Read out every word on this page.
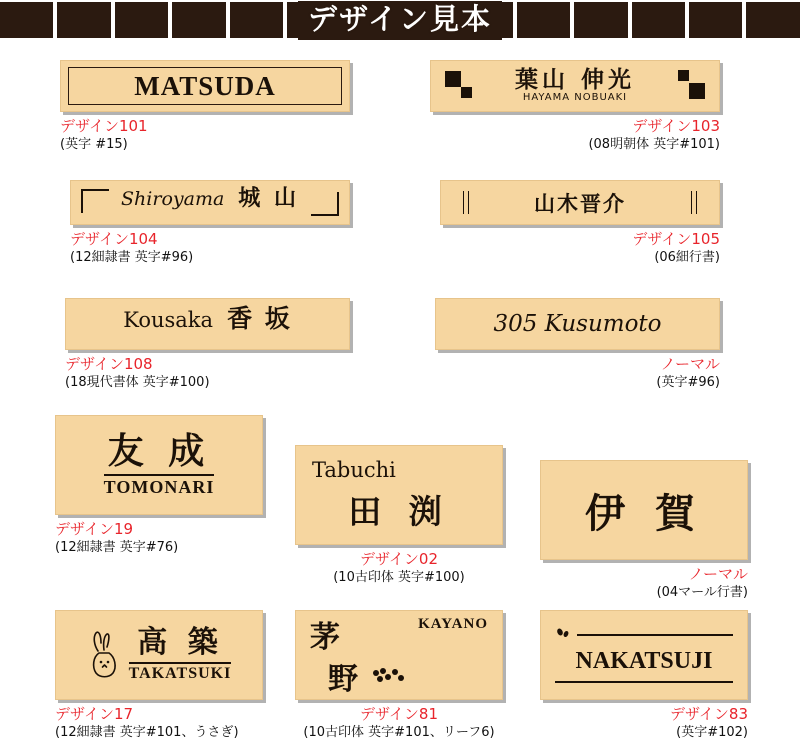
デザイン見本
MATSUDA
デザイン101
(英字 #15)
葉山 伸光
HAYAMA NOBUAKI
デザイン103
(08明朝体 英字#101)
Shiroyama 城 山
デザイン104
(12細隷書 英字#96)
山木晋介
デザイン105
(06細行書)
Kousaka 香 坂
デザイン108
(18現代書体 英字#100)
305 Kusumoto
ノーマル
(英字#96)
友 成
TOMONARI
デザイン19
(12細隷書 英字#76)
Tabuchi
田 渕
デザイン02
(10古印体 英字#100)
伊 賀
ノーマル
(04マール行書)
高 築
TAKATSUKI
デザイン17
(12細隷書 英字#101、うさぎ)
茅	KAYANO
野
デザイン81
(10古印体 英字#101、リーフ6)
NAKATSUJI
デザイン83
(英字#102)
